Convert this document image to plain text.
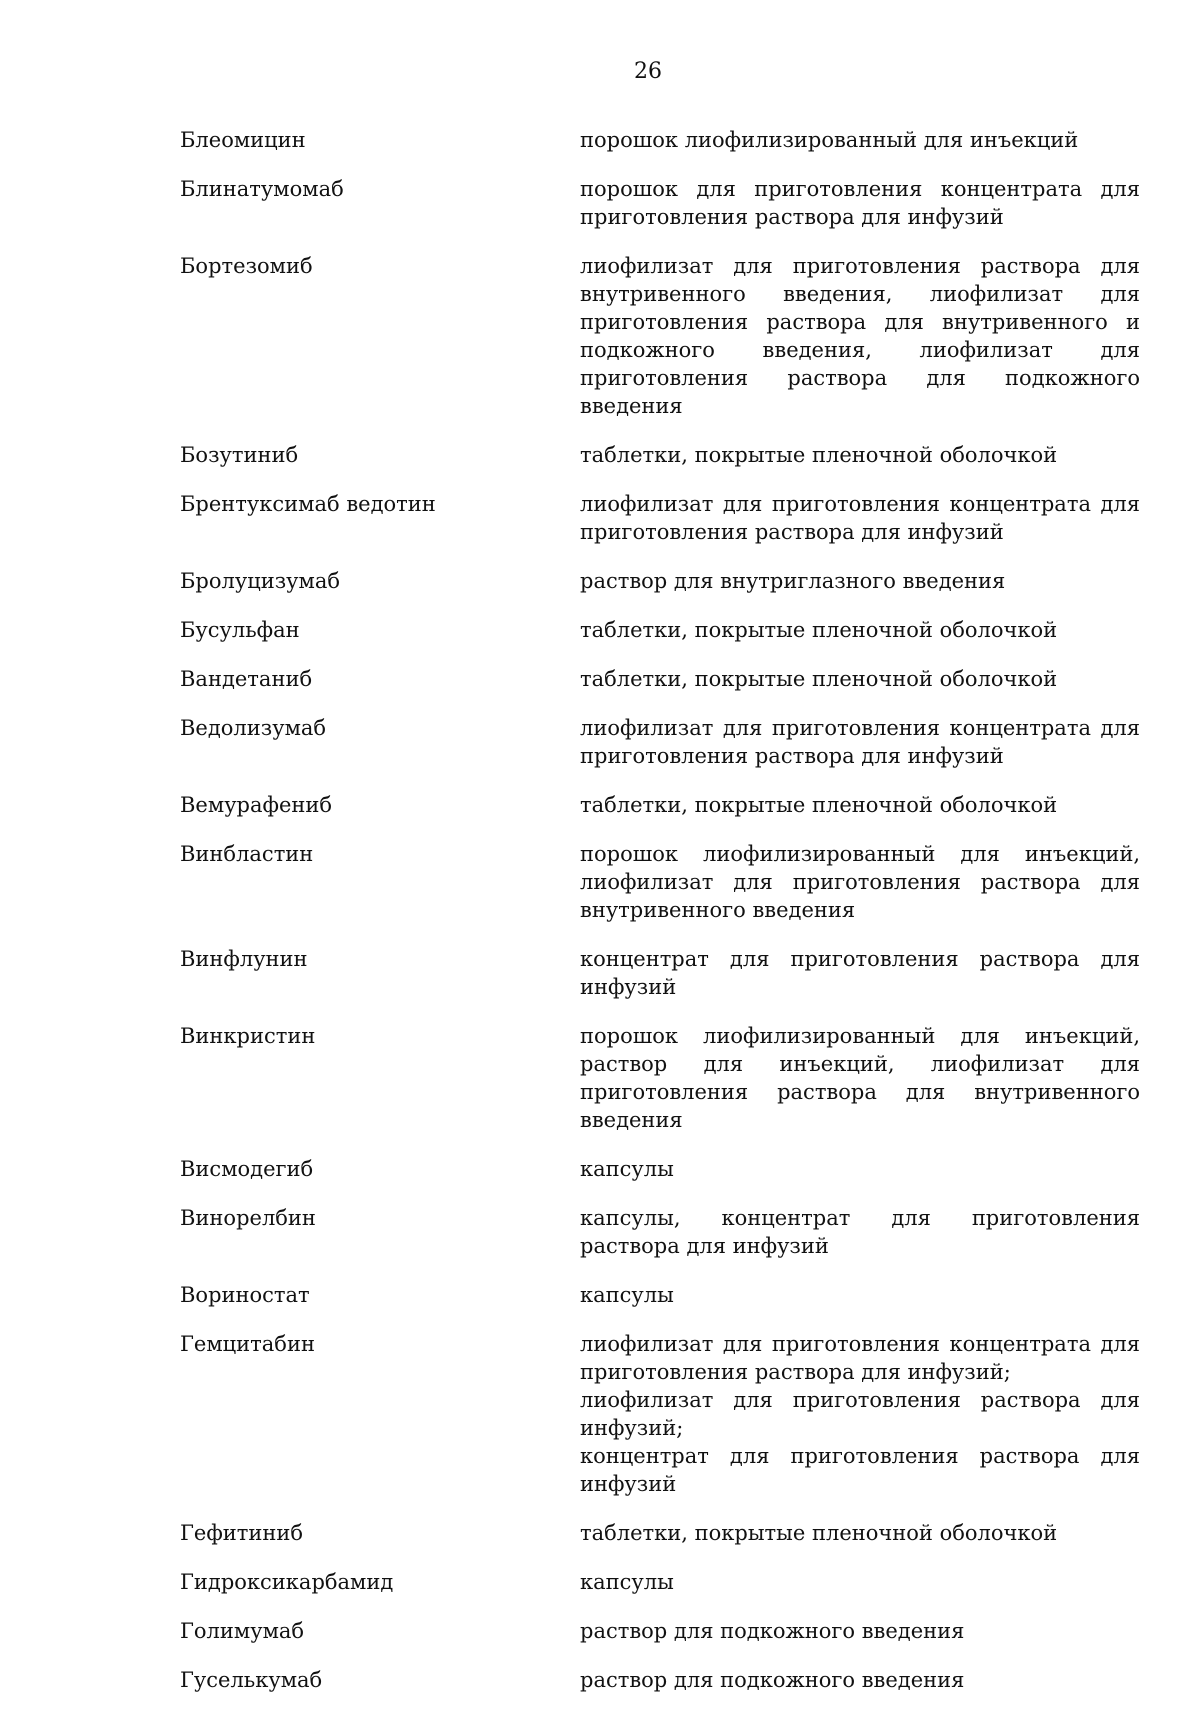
26
Блеомицин	порошок лиофилизированный для инъекций
Блинатумомаб	порошок для приготовления концентрата для приготовления раствора для инфузий
Бортезомиб	лиофилизат для приготовления раствора для внутривенного введения, лиофилизат для приготовления раствора для внутривенного и подкожного введения, лиофилизат для приготовления раствора для подкожного введения
Бозутиниб	таблетки, покрытые пленочной оболочкой
Брентуксимаб ведотин	лиофилизат для приготовления концентрата для приготовления раствора для инфузий
Бролуцизумаб	раствор для внутриглазного введения
Бусульфан	таблетки, покрытые пленочной оболочкой
Вандетаниб	таблетки, покрытые пленочной оболочкой
Ведолизумаб	лиофилизат для приготовления концентрата для приготовления раствора для инфузий
Вемурафениб	таблетки, покрытые пленочной оболочкой
Винбластин	порошок лиофилизированный для инъекций, лиофилизат для приготовления раствора для внутривенного введения
Винфлунин	концентрат для приготовления раствора для инфузий
Винкристин	порошок лиофилизированный для инъекций, раствор для инъекций, лиофилизат для приготовления раствора для внутривенного введения
Висмодегиб	капсулы
Винорелбин	капсулы, концентрат для приготовления раствора для инфузий
Вориностат	капсулы
Гемцитабин	лиофилизат для приготовления концентрата для приготовления раствора для инфузий;
лиофилизат для приготовления раствора для инфузий;
концентрат для приготовления раствора для инфузий
Гефитиниб	таблетки, покрытые пленочной оболочкой
Гидроксикарбамид	капсулы
Голимумаб	раствор для подкожного введения
Гуселькумаб	раствор для подкожного введения
